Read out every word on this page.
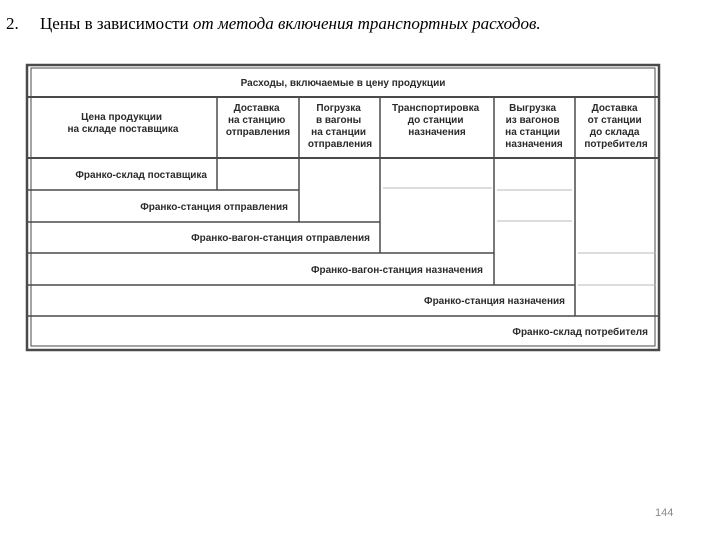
2. Цены в зависимости от метода включения транспортных расходов.
Расходы, включаемые в цену продукции
Цена продукции на складе поставщика
Доставка на станцию отправления
Погрузка в вагоны на станции отправления
Транспортировка до станции назначения
Выгрузка из вагонов на станции назначения
Доставка от станции до склада потребителя
Франко-склад поставщика
Франко-станция отправления
Франко-вагон-станция отправления
Франко-вагон-станция назначения
Франко-станция назначения
Франко-склад потребителя
144
